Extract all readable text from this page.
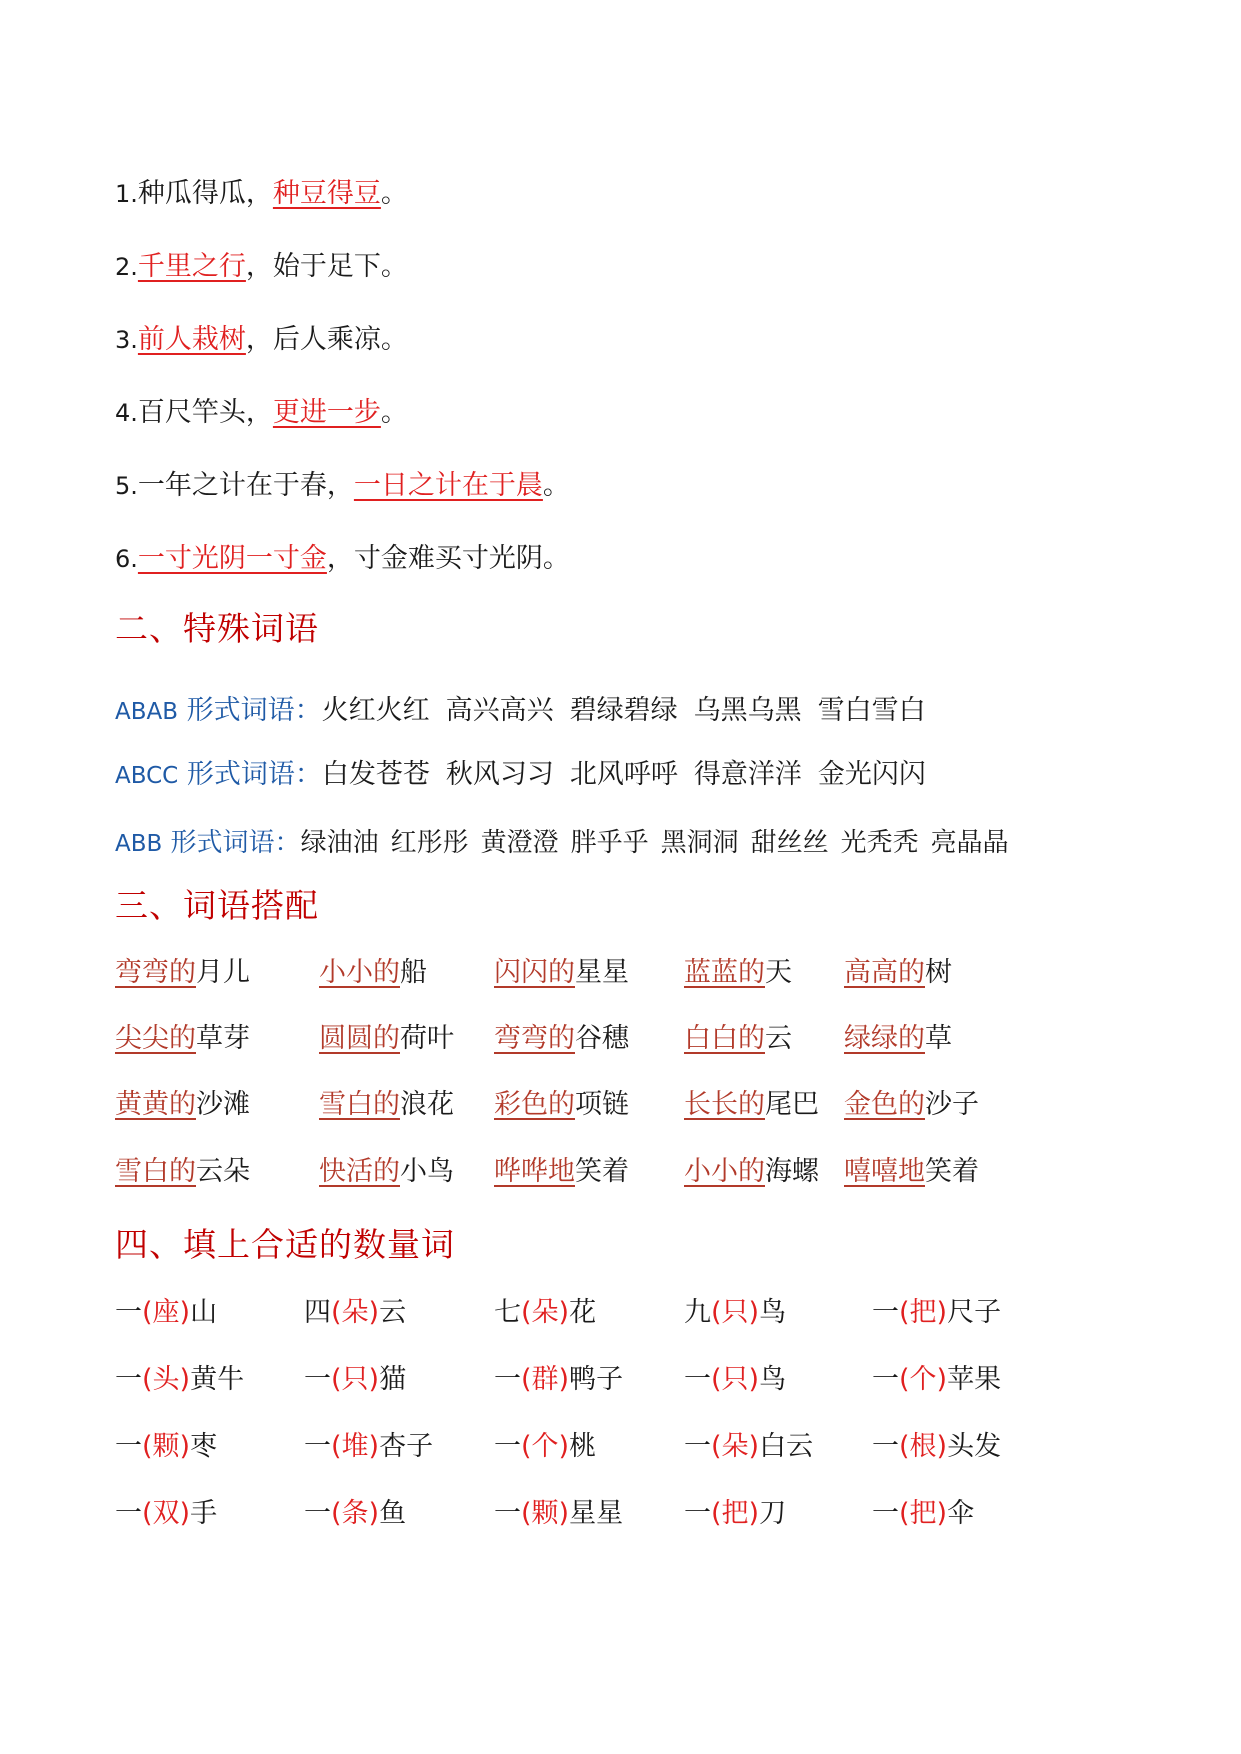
1.种瓜得瓜，种豆得豆。
2.千里之行，始于足下。
3.前人栽树，后人乘凉。
4.百尺竿头，更进一步。
5.一年之计在于春，一日之计在于晨。
6.一寸光阴一寸金，寸金难买寸光阴。
二、特殊词语
ABAB 形式词语：火红火红 高兴高兴 碧绿碧绿 乌黑乌黑 雪白雪白
ABCC 形式词语：白发苍苍 秋风习习 北风呼呼 得意洋洋 金光闪闪
ABB 形式词语：绿油油 红彤彤 黄澄澄 胖乎乎 黑洞洞 甜丝丝 光秃秃 亮晶晶
三、词语搭配
弯弯的月儿	小小的船 闪闪的星星 蓝蓝的天 高高的树
尖尖的草芽	圆圆的荷叶 弯弯的谷穗 白白的云 绿绿的草
黄黄的沙滩	雪白的浪花 彩色的项链 长长的尾巴 金色的沙子
雪白的云朵	快活的小鸟 哗哗地笑着 小小的海螺 嘻嘻地笑着
四、填上合适的数量词
一(座)山	四(朵)云	七(朵)花	九(只)鸟	一(把)尺子
一(头)黄牛 一(只)猫	一(群)鸭子 一(只)鸟	一(个)苹果
一(颗)枣	一(堆)杏子 一(个)桃	一(朵)白云 一(根)头发
一(双)手	一(条)鱼	一(颗)星星 一(把)刀	一(把)伞
